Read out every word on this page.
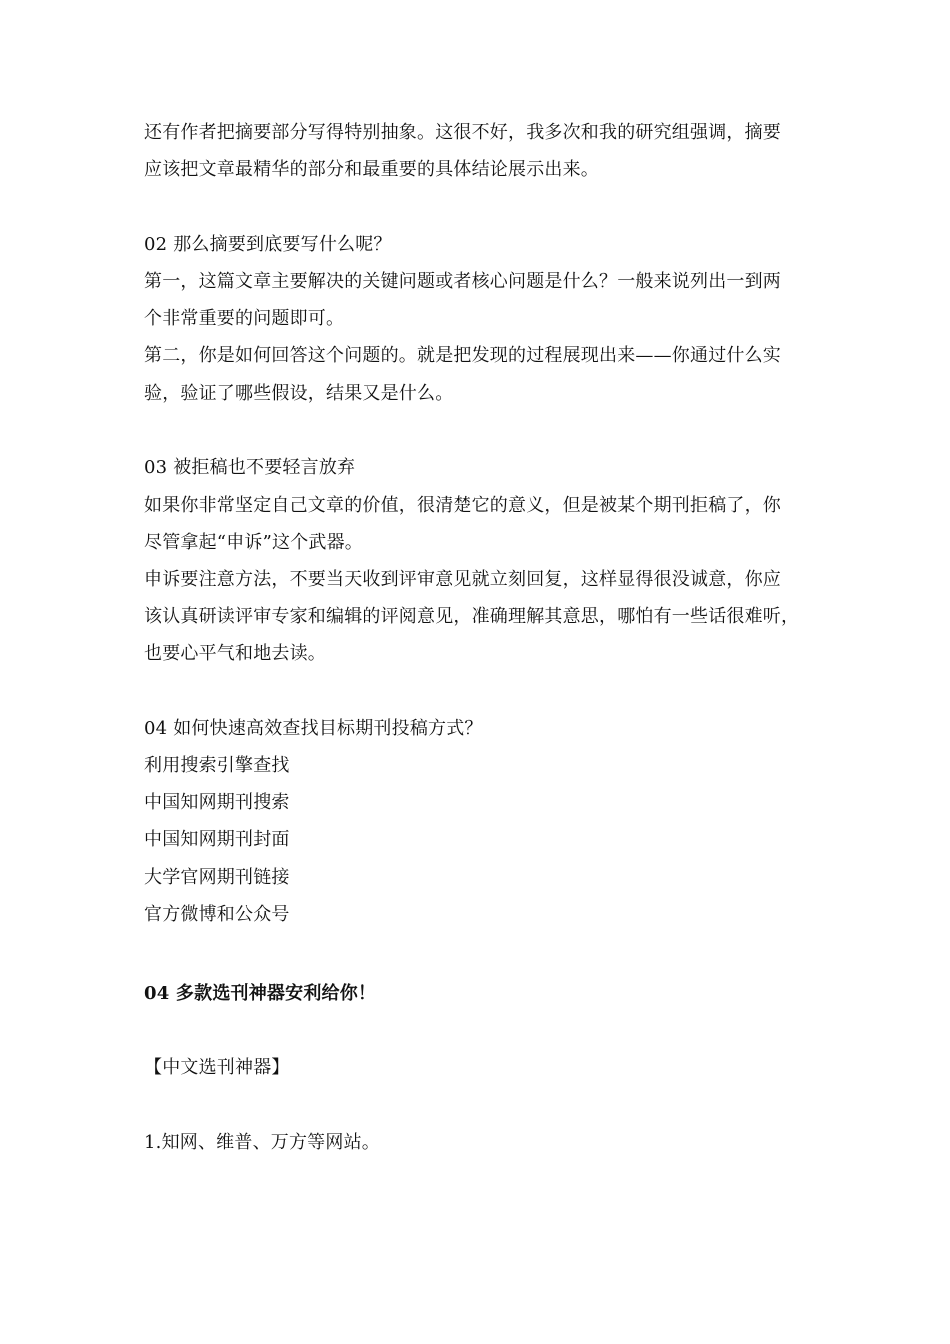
还有作者把摘要部分写得特别抽象。这很不好，我多次和我的研究组强调，摘要
应该把文章最精华的部分和最重要的具体结论展示出来。
02 那么摘要到底要写什么呢？
第一，这篇文章主要解决的关键问题或者核心问题是什么？一般来说列出一到两
个非常重要的问题即可。
第二，你是如何回答这个问题的。就是把发现的过程展现出来——你通过什么实
验，验证了哪些假设，结果又是什么。
03 被拒稿也不要轻言放弃
如果你非常坚定自己文章的价值，很清楚它的意义，但是被某个期刊拒稿了，你
尽管拿起“申诉”这个武器。
申诉要注意方法，不要当天收到评审意见就立刻回复，这样显得很没诚意，你应
该认真研读评审专家和编辑的评阅意见，准确理解其意思，哪怕有一些话很难听，
也要心平气和地去读。
04 如何快速高效查找目标期刊投稿方式？
利用搜索引擎查找
中国知网期刊搜索
中国知网期刊封面
大学官网期刊链接
官方微博和公众号
04 多款选刊神器安利给你！
【中文选刊神器】
1.知网、维普、万方等网站。
